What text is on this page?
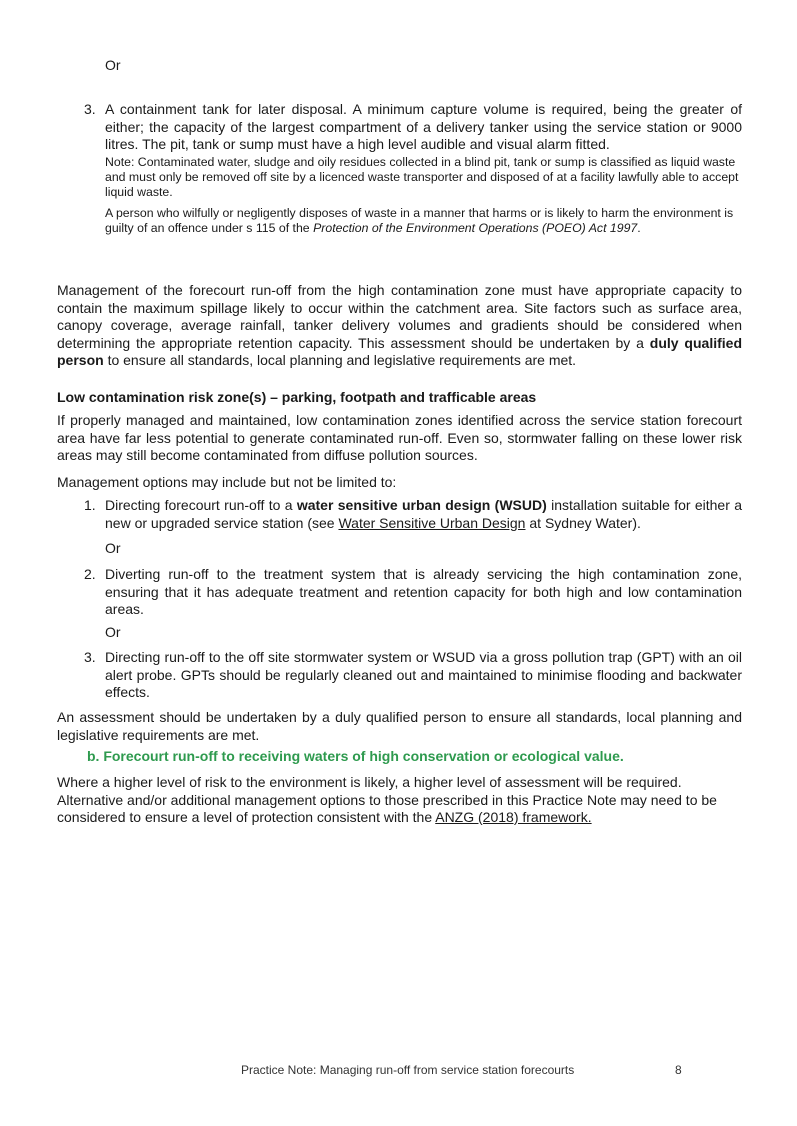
Or
3. A containment tank for later disposal. A minimum capture volume is required, being the greater of either; the capacity of the largest compartment of a delivery tanker using the service station or 9000 litres. The pit, tank or sump must have a high level audible and visual alarm fitted.
Note: Contaminated water, sludge and oily residues collected in a blind pit, tank or sump is classified as liquid waste and must only be removed off site by a licenced waste transporter and disposed of at a facility lawfully able to accept liquid waste.
A person who wilfully or negligently disposes of waste in a manner that harms or is likely to harm the environment is guilty of an offence under s 115 of the Protection of the Environment Operations (POEO) Act 1997.
Management of the forecourt run-off from the high contamination zone must have appropriate capacity to contain the maximum spillage likely to occur within the catchment area. Site factors such as surface area, canopy coverage, average rainfall, tanker delivery volumes and gradients should be considered when determining the appropriate retention capacity. This assessment should be undertaken by a duly qualified person to ensure all standards, local planning and legislative requirements are met.
Low contamination risk zone(s) – parking, footpath and trafficable areas
If properly managed and maintained, low contamination zones identified across the service station forecourt area have far less potential to generate contaminated run-off. Even so, stormwater falling on these lower risk areas may still become contaminated from diffuse pollution sources.
Management options may include but not be limited to:
1. Directing forecourt run-off to a water sensitive urban design (WSUD) installation suitable for either a new or upgraded service station (see Water Sensitive Urban Design at Sydney Water).
Or
2. Diverting run-off to the treatment system that is already servicing the high contamination zone, ensuring that it has adequate treatment and retention capacity for both high and low contamination areas.
Or
3. Directing run-off to the off site stormwater system or WSUD via a gross pollution trap (GPT) with an oil alert probe. GPTs should be regularly cleaned out and maintained to minimise flooding and backwater effects.
An assessment should be undertaken by a duly qualified person to ensure all standards, local planning and legislative requirements are met.
b. Forecourt run-off to receiving waters of high conservation or ecological value.
Where a higher level of risk to the environment is likely, a higher level of assessment will be required. Alternative and/or additional management options to those prescribed in this Practice Note may need to be considered to ensure a level of protection consistent with the ANZG (2018) framework.
Practice Note: Managing run-off from service station forecourts	8
